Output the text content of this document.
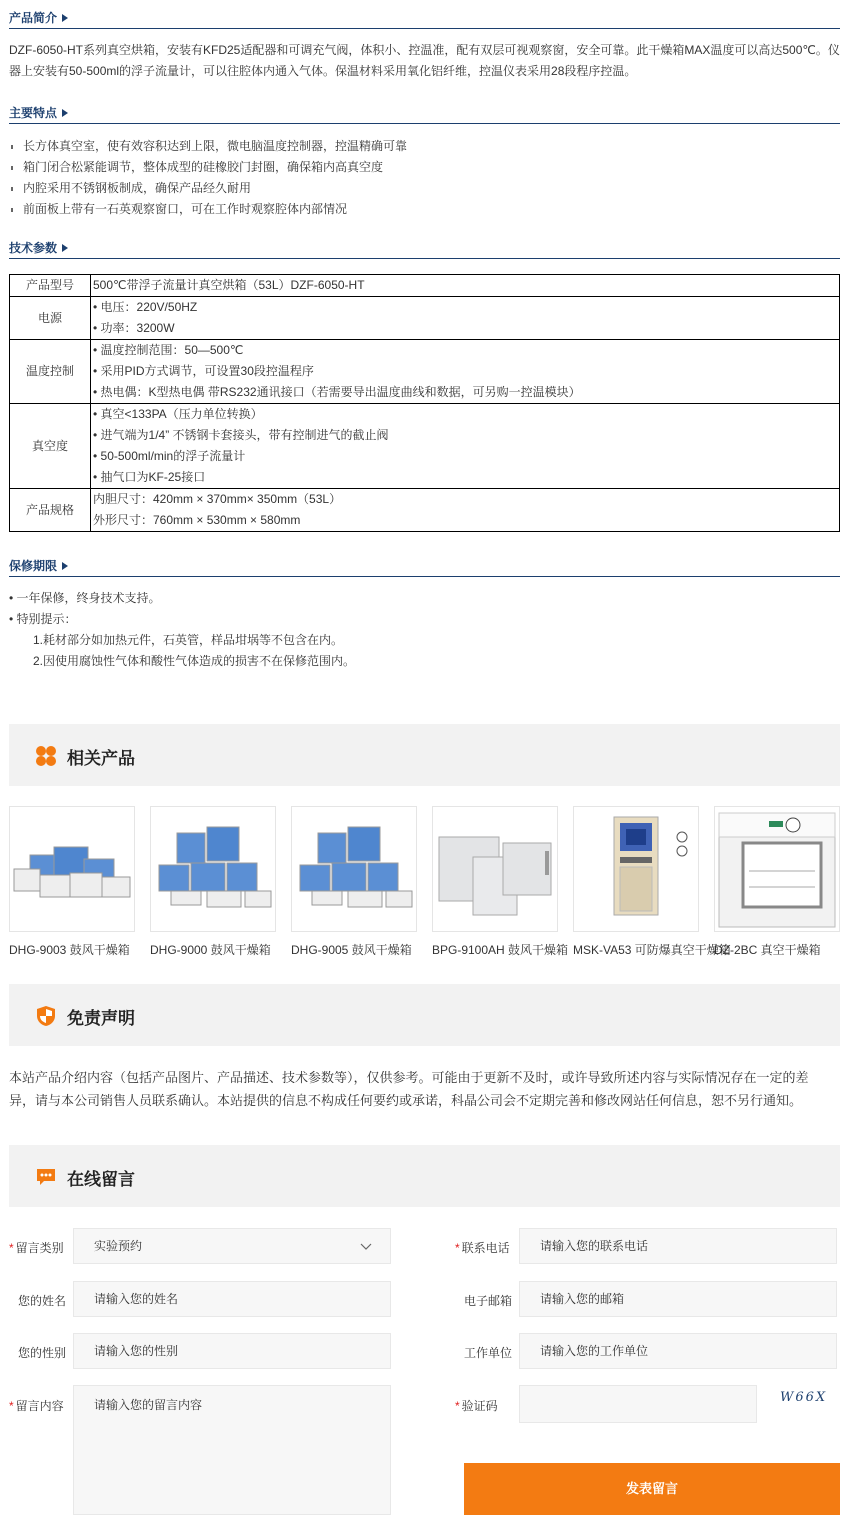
产品简介
DZF-6050-HT系列真空烘箱，安装有KFD25适配器和可调充气阀，体积小、控温准，配有双层可视观察窗，安全可靠。此干燥箱MAX温度可以高达500℃。仪器上安装有50-500ml的浮子流量计，可以往腔体内通入气体。保温材料采用氧化铝纤维，控温仪表采用28段程序控温。
主要特点
长方体真空室，使有效容积达到上限，微电脑温度控制器，控温精确可靠
箱门闭合松紧能调节，整体成型的硅橡胶门封圈，确保箱内高真空度
内腔采用不锈钢板制成，确保产品经久耐用
前面板上带有一石英观察窗口，可在工作时观察腔体内部情况
技术参数
产品型号	500℃带浮子流量计真空烘箱（53L）DZF-6050-HT

电源	• 电压：220V/50HZ
• 功率：3200W

温度控制	• 温度控制范围：50—500℃
• 采用PID方式调节，可设置30段控温程序
• 热电偶：K型热电偶 带RS232通讯接口（若需要导出温度曲线和数据，可另购一控温模块）

真空度	• 真空<133PA（压力单位转换）
• 进气端为1/4” 不锈钢卡套接头，带有控制进气的截止阀
• 50-500ml/min的浮子流量计
• 抽气口为KF-25接口

产品规格	内胆尺寸：420mm × 370mm× 350mm（53L）
外形尺寸：760mm × 530mm × 580mm
保修期限
• 一年保修，终身技术支持。
• 特别提示：
1.耗材部分如加热元件，石英管，样品坩埚等不包含在内。
2.因使用腐蚀性气体和酸性气体造成的损害不在保修范围内。
相关产品
DHG-9003 鼓风干燥箱	DHG-9000 鼓风干燥箱	DHG-9005 鼓风干燥箱	BPG-9100AH 鼓风干燥箱 MSK-VA53 可防爆真空干燥箱
DZ-2BC 真空干燥箱
免责声明
本站产品介绍内容（包括产品图片、产品描述、技术参数等），仅供参考。可能由于更新不及时，或许导致所述内容与实际情况存在一定的差异，请与本公司销售人员联系确认。本站提供的信息不构成任何要约或承诺，科晶公司会不定期完善和修改网站任何信息，恕不另行通知。
在线留言
* 留言类别	实验预约
您的姓名	请输入您的姓名
您的性别	请输入您的性别
* 留言内容	请输入您的留言内容
* 联系电话	请输入您的联系电话
电子邮箱	请输入您的邮箱
工作单位	请输入您的工作单位
* 验证码
W66X
发表留言
